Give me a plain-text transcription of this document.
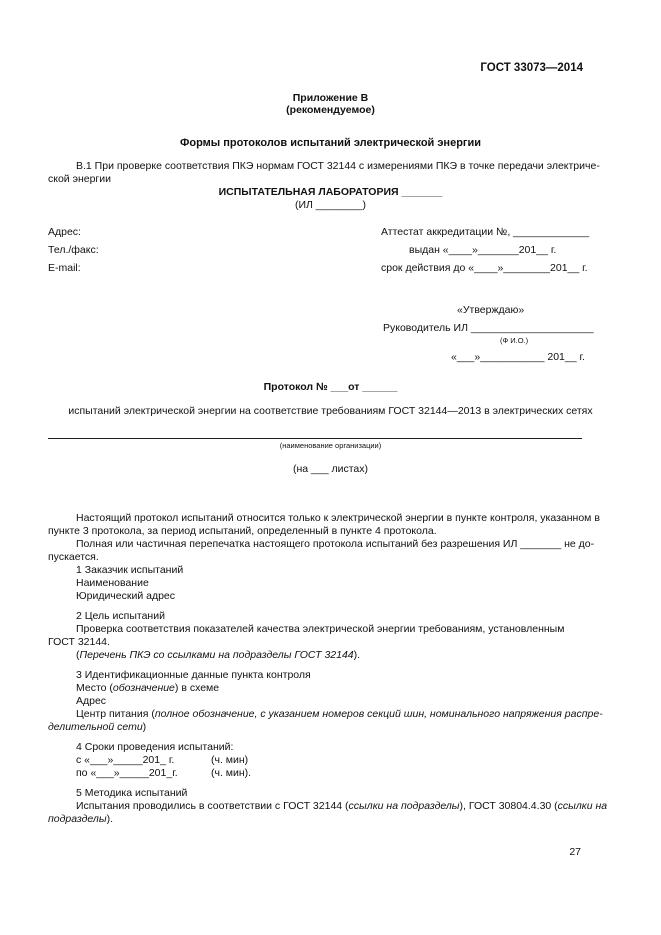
ГОСТ 33073—2014
Приложение В
(рекомендуемое)
Формы протоколов испытаний электрической энергии
В.1 При проверке соответствия ПКЭ нормам ГОСТ 32144 с измерениями ПКЭ в точке передачи электриче-
ской энергии
ИСПЫТАТЕЛЬНАЯ ЛАБОРАТОРИЯ _______
(ИЛ ________)
Адрес:
Тел./факс:
E-mail:
Аттестат аккредитации №, _____________
выдан «____»_______201__ г.
срок действия до «____»________201__ г.
«Утверждаю»
Руководитель ИЛ _____________________
(Ф И.О.)
«___»___________ 201__ г.
Протокол № ___от ______
испытаний электрической энергии на соответствие требованиям ГОСТ 32144—2013 в электрических сетях
(наименование организации)
(на ___ листах)
Настоящий протокол испытаний относится только к электрической энергии в пункте контроля, указанном в
пункте 3 протокола, за период испытаний, определенный в пункте 4 протокола.
Полная или частичная перепечатка настоящего протокола испытаний без разрешения ИЛ _______ не до-
пускается.
1 Заказчик испытаний
Наименование
Юридический адрес
2 Цель испытаний
Проверка соответствия показателей качества электрической энергии требованиям, установленным
ГОСТ 32144.
(Перечень ПКЭ со ссылками на подразделы ГОСТ 32144).
3 Идентификационные данные пункта контроля
Место (обозначение) в схеме
Адрес
Центр питания (полное обозначение, с указанием номеров секций шин, номинального напряжения распре-
делительной сети)
4 Сроки проведения испытаний:
с «___»_____201_ г.	(ч. мин)
по «___»_____201_г.	(ч. мин).
5 Методика испытаний
Испытания проводились в соответствии с ГОСТ 32144 (ссылки на подразделы), ГОСТ 30804.4.30 (ссылки на
подразделы).
27
